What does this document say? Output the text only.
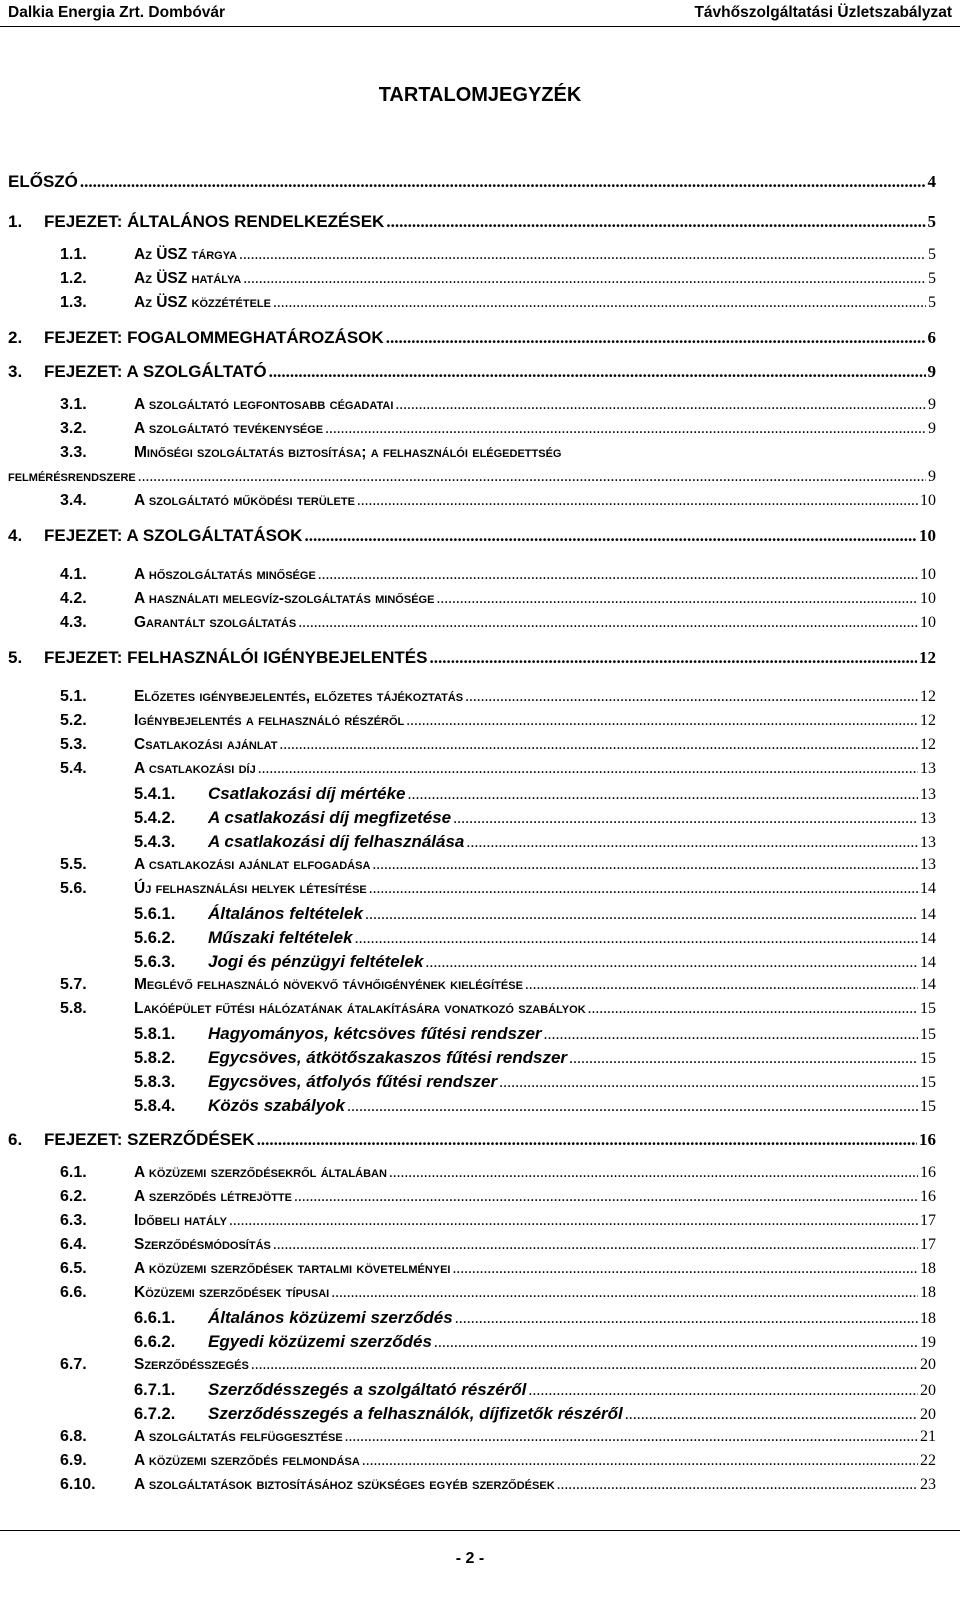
Dalkia Energia Zrt. Dombóvár	Távhőszolgáltatási Üzletszabályzat
TARTALOMJEGYZÉK
ELŐSZÓ .....	4
1.	FEJEZET: ÁLTALÁNOS RENDELKEZÉSEK .....	5
1.1.	Az ÜSZ tárgya .....	5
1.2.	Az ÜSZ hatálya .....	5
1.3.	Az ÜSZ közzététele .....	5
2.	FEJEZET: FOGALOMMEGHATÁROZÁSOK .....	6
3.	FEJEZET: A SZOLGÁLTATÓ .....	9
3.1.	A szolgáltató legfontosabb cégadatai .....	9
3.2.	A szolgáltató tevékenysége .....	9
3.3.	Minőségi szolgáltatás biztosítása; a felhasználói elégedettség
felmérésrendszere .....	9
3.4.	A szolgáltató működési területe .....	10
4.	FEJEZET: A SZOLGÁLTATÁSOK .....	10
4.1.	A hőszolgáltatás minősége .....	10
4.2.	A használati melegvíz-szolgáltatás minősége .....	10
4.3.	Garantált szolgáltatás .....	10
5.	FEJEZET: FELHASZNÁLÓI IGÉNYBEJELENTÉS .....	12
5.1.	Előzetes igénybejelentés, előzetes tájékoztatás .....	12
5.2.	Igénybejelentés a felhasználó részéről .....	12
5.3.	Csatlakozási ajánlat .....	12
5.4.	A csatlakozási díj .....	13
5.4.1.	Csatlakozási díj mértéke .....	13
5.4.2.	A csatlakozási díj megfizetése .....	13
5.4.3.	A csatlakozási díj felhasználása .....	13
5.5.	A csatlakozási ajánlat elfogadása .....	13
5.6.	Új felhasználási helyek létesítése .....	14
5.6.1.	Általános feltételek .....	14
5.6.2.	Műszaki feltételek .....	14
5.6.3.	Jogi és pénzügyi feltételek .....	14
5.7.	Meglévő felhasználó növekvő távhőigényének kielégítése .....	14
5.8.	Lakóépület fűtési hálózatának átalakítására vonatkozó szabályok .....	15
5.8.1.	Hagyományos, kétcsöves fűtési rendszer .....	15
5.8.2.	Egycsöves, átkötőszakaszos fűtési rendszer .....	15
5.8.3.	Egycsöves, átfolyós fűtési rendszer .....	15
5.8.4.	Közös szabályok .....	15
6.	FEJEZET: SZERZŐDÉSEK .....	16
6.1.	A közüzemi szerződésekről általában .....	16
6.2.	A szerződés létrejötte .....	16
6.3.	Időbeli hatály .....	17
6.4.	Szerződésmódosítás .....	17
6.5.	A közüzemi szerződések tartalmi követelményei .....	18
6.6.	Közüzemi szerződések típusai .....	18
6.6.1.	Általános közüzemi szerződés .....	18
6.6.2.	Egyedi közüzemi szerződés .....	19
6.7.	Szerződésszegés .....	20
6.7.1.	Szerződésszegés a szolgáltató részéről .....	20
6.7.2.	Szerződésszegés a felhasználók, díjfizetők részéről .....	20
6.8.	A szolgáltatás felfüggesztése .....	21
6.9.	A közüzemi szerződés felmondása .....	22
6.10.	A szolgáltatások biztosításához szükséges egyéb szerződések .....	23
- 2 -
